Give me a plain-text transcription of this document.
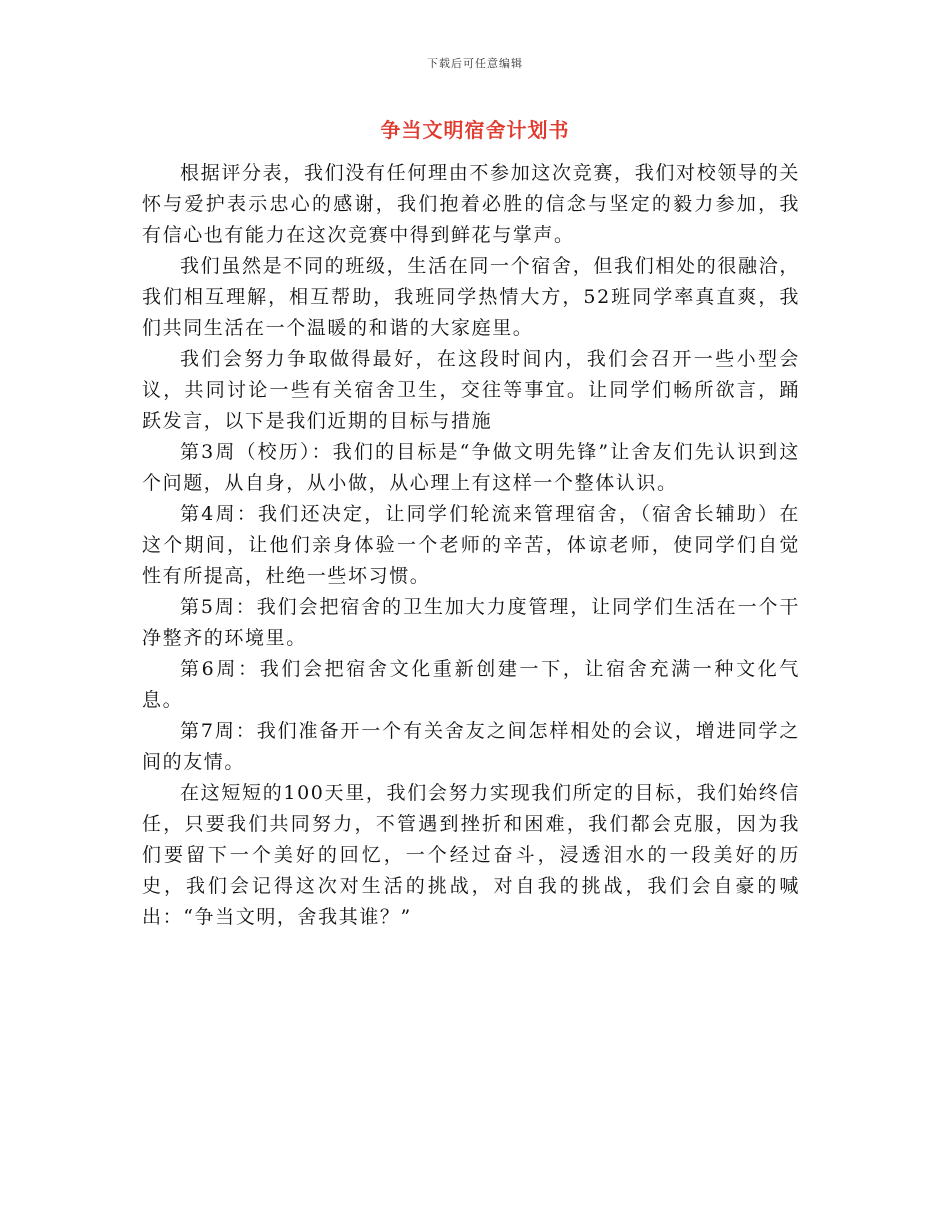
下载后可任意编辑
争当文明宿舍计划书

根据评分表，我们没有任何理由不参加这次竞赛，我们对校领导的关怀与爱护表示忠心的感谢，我们抱着必胜的信念与坚定的毅力参加，我有信心也有能力在这次竞赛中得到鲜花与掌声。

我们虽然是不同的班级，生活在同一个宿舍，但我们相处的很融洽，我们相互理解，相互帮助，我班同学热情大方，52班同学率真直爽，我们共同生活在一个温暖的和谐的大家庭里。

我们会努力争取做得最好，在这段时间内，我们会召开一些小型会议，共同讨论一些有关宿舍卫生，交往等事宜。让同学们畅所欲言，踊跃发言，以下是我们近期的目标与措施

第3周（校历）：我们的目标是“争做文明先锋”让舍友们先认识到这个问题，从自身，从小做，从心理上有这样一个整体认识。

第4周：我们还决定，让同学们轮流来管理宿舍，（宿舍长辅助）在这个期间，让他们亲身体验一个老师的辛苦，体谅老师，使同学们自觉性有所提高，杜绝一些坏习惯。

第5周：我们会把宿舍的卫生加大力度管理，让同学们生活在一个干净整齐的环境里。

第6周：我们会把宿舍文化重新创建一下，让宿舍充满一种文化气息。

第7周：我们准备开一个有关舍友之间怎样相处的会议，增进同学之间的友情。

在这短短的100天里，我们会努力实现我们所定的目标，我们始终信任，只要我们共同努力，不管遇到挫折和困难，我们都会克服，因为我们要留下一个美好的回忆，一个经过奋斗，浸透泪水的一段美好的历史，我们会记得这次对生活的挑战，对自我的挑战，我们会自豪的喊出：“争当文明，舍我其谁？”
